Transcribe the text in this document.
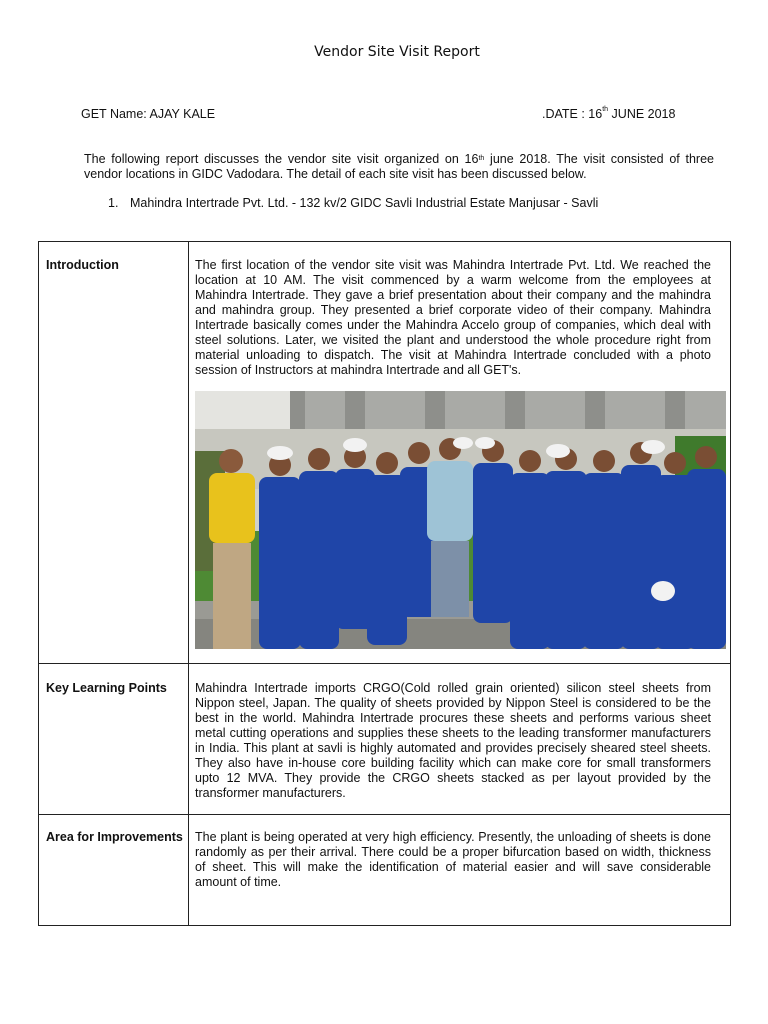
Vendor Site Visit Report
GET Name: AJAY KALE	.DATE : 16th JUNE 2018
The following report discusses the vendor site visit organized on 16th june 2018. The visit consisted of three vendor locations in GIDC Vadodara. The detail of each site visit has been discussed below.
1. Mahindra Intertrade Pvt. Ltd. - 132 kv/2 GIDC Savli Industrial Estate Manjusar - Savli
Introduction	The first location of the vendor site visit was Mahindra Intertrade Pvt. Ltd. We reached the location at 10 AM. The visit commenced by a warm welcome from the employees at Mahindra Intertrade. They gave a brief presentation about their company and the mahindra and mahindra group. They presented a brief corporate video of their company. Mahindra Intertrade basically comes under the Mahindra Accelo group of companies, which deal with steel solutions. Later, we visited the plant and understood the whole procedure right from material unloading to dispatch. The visit at Mahindra Intertrade concluded with a photo session of Instructors at mahindra Intertrade and all GET's.

Key Learning Points	Mahindra Intertrade imports CRGO(Cold rolled grain oriented) silicon steel sheets from Nippon steel, Japan. The quality of sheets provided by Nippon Steel is considered to be the best in the world. Mahindra Intertrade procures these sheets and performs various sheet metal cutting operations and supplies these sheets to the leading transformer manufacturers in India. This plant at savli is highly automated and provides precisely sheared steel sheets. They also have in-house core building facility which can make core for small transformers upto 12 MVA. They provide the CRGO sheets stacked as per layout provided by the transformer manufacturers.
Area for Improvements	The plant is being operated at very high efficiency. Presently, the unloading of sheets is done randomly as per their arrival. There could be a proper bifurcation based on width, thickness of sheet. This will make the identification of material easier and will save considerable amount of time.
